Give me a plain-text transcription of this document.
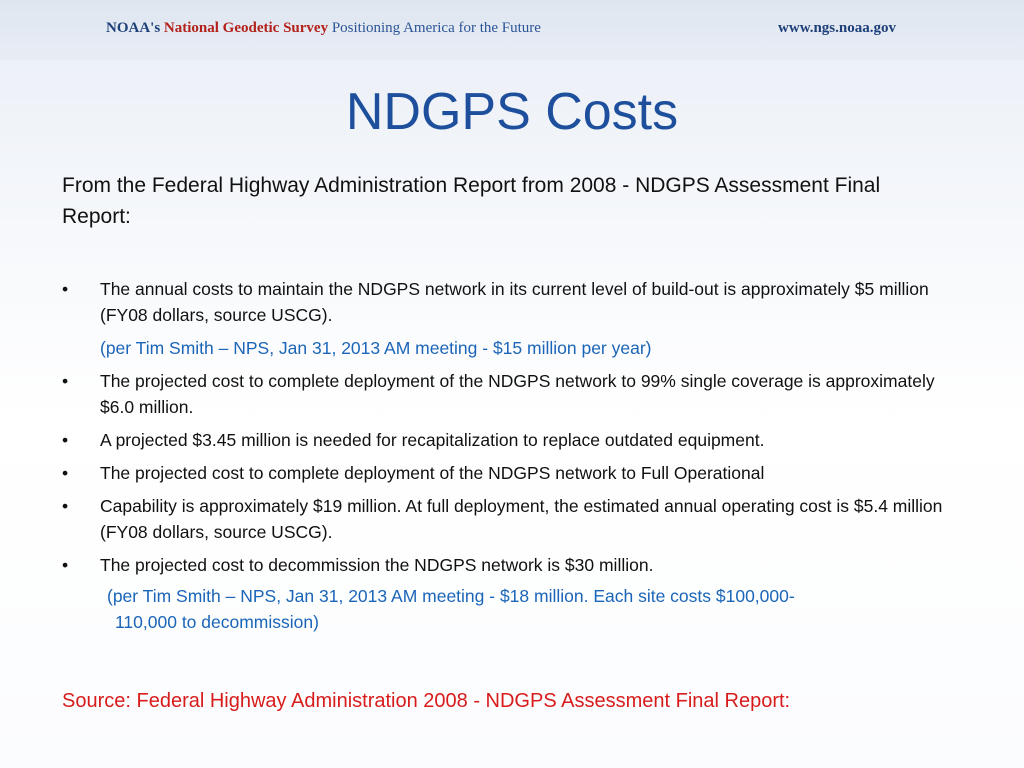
NOAA's National Geodetic Survey Positioning America for the Future	www.ngs.noaa.gov
NDGPS Costs
From the Federal Highway Administration Report from 2008 - NDGPS Assessment Final Report:
• The annual costs to maintain the NDGPS network in its current level of build-out is approximately $5 million (FY08 dollars, source USCG).
(per Tim Smith – NPS, Jan 31, 2013 AM meeting - $15 million per year)
• The projected cost to complete deployment of the NDGPS network to 99% single coverage is approximately $6.0 million.
• A projected $3.45 million is needed for recapitalization to replace outdated equipment.
• The projected cost to complete deployment of the NDGPS network to Full Operational
• Capability is approximately $19 million. At full deployment, the estimated annual operating cost is $5.4 million (FY08 dollars, source USCG).
• The projected cost to decommission the NDGPS network is $30 million.
(per Tim Smith – NPS, Jan 31, 2013 AM meeting - $18 million. Each site costs $100,000-
110,000 to decommission)
Source: Federal Highway Administration 2008 - NDGPS Assessment Final Report:
